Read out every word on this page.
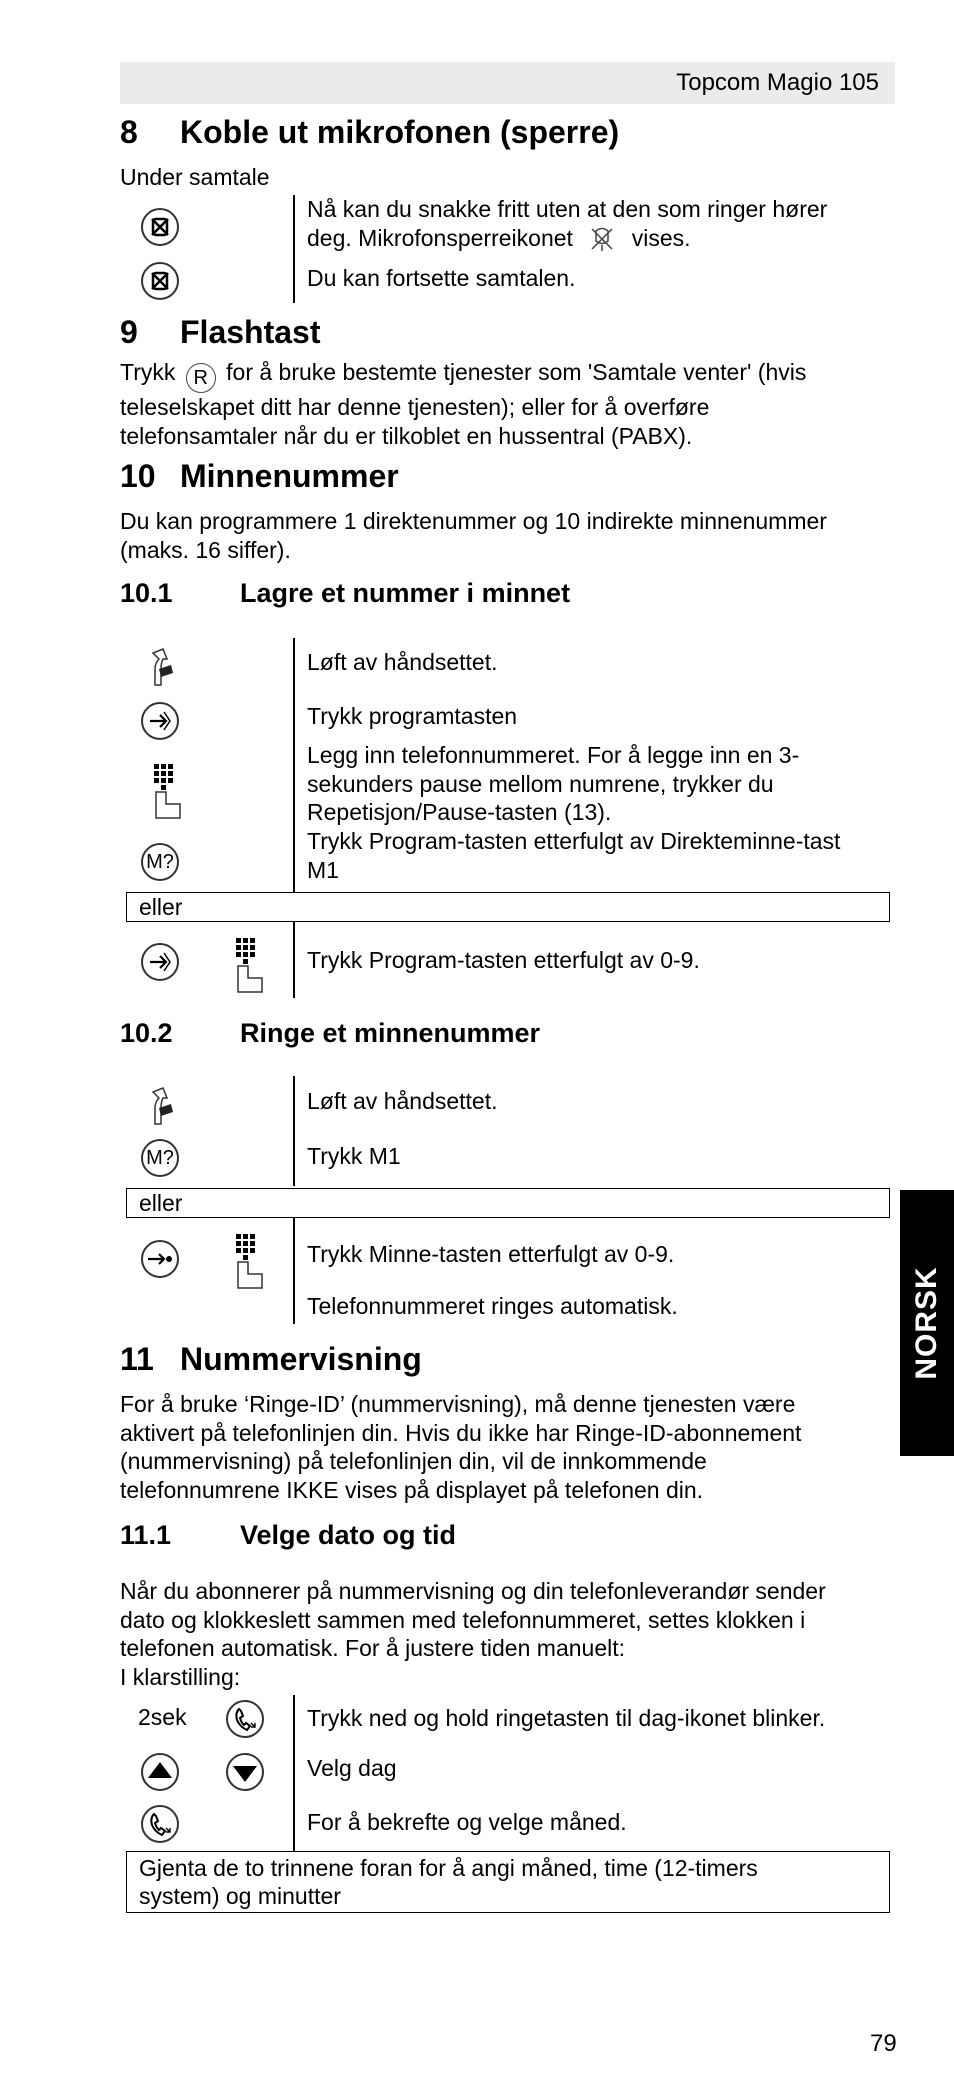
Topcom Magio 105
8 Koble ut mikrofonen (sperre)

Under samtale

Nå kan du snakke fritt uten at den som ringer hører
deg. Mikrofonsperreikonet	vises.
Du kan fortsette samtalen.
9 Flashtast
Trykk R for å bruke bestemte tjenester som 'Samtale venter' (hvis
teleselskapet ditt har denne tjenesten); eller for å overføre
telefonsamtaler når du er tilkoblet en hussentral (PABX).
10 Minnenummer
Du kan programmere 1 direktenummer og 10 indirekte minnenummer
(maks. 16 siffer).
10.1 Lagre et nummer i minnet
Løft av håndsettet.
Trykk programtasten
Legg inn telefonnummeret. For å legge inn en 3-
sekunders pause mellom numrene, trykker du
Repetisjon/Pause-tasten (13).
M?
Trykk Program-tasten etterfulgt av Direkteminne-tast
M1
eller
Trykk Program-tasten etterfulgt av 0-9.
10.2 Ringe et minnenummer
Løft av håndsettet.
M?	Trykk M1
eller
Trykk Minne-tasten etterfulgt av 0-9.
Telefonnummeret ringes automatisk.
11 Nummervisning
For å bruke ‘Ringe-ID’ (nummervisning), må denne tjenesten være
aktivert på telefonlinjen din. Hvis du ikke har Ringe-ID-abonnement
(nummervisning) på telefonlinjen din, vil de innkommende
telefonnumrene IKKE vises på displayet på telefonen din.
11.1	Velge dato og tid
Når du abonnerer på nummervisning og din telefonleverandør sender
dato og klokkeslett sammen med telefonnummeret, settes klokken i
telefonen automatisk. For å justere tiden manuelt:
I klarstilling:
2sek	Trykk ned og hold ringetasten til dag-ikonet blinker.
Velg dag
For å bekrefte og velge måned.
Gjenta de to trinnene foran for å angi måned, time (12-timers
system) og minutter
NORSK
79
